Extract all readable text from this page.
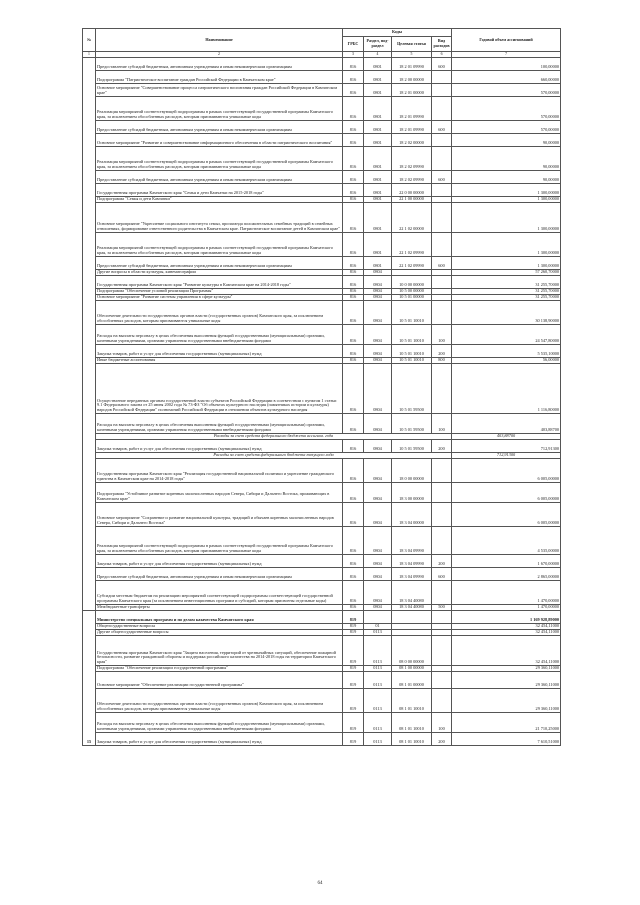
№	Наименование	Коды				Годовой объем ассигнований
		ГРБС	Раздел, под-раздел	Целевая статья	Вид расходов	
1	2	3	4	5	6	7
	Предоставление субсидий бюджетным, автономным учреждениям и иным некоммерческим организациям	816	0801	18 2 01 09990	600	100,00000
	Подпрограмма "Патриотическое воспитание граждан Российской Федерации в Камчатском крае"	816	0801	18 2 00 00000		660,00000
	Основное мероприятие "Совершенствование процесса патриотического воспитания граждан Российской Федерации в Камчатском крае"	816	0801	18 2 01 00000		570,00000
	Реализация мероприятий соответствующей подпрограммы в рамках соответствующей государственной программы Камчатского края, за исключением обособленных расходов, которым присваиваются уникальные коды	816	0801	18 2 01 09990		570,00000
	Предоставление субсидий бюджетным, автономным учреждениям и иным некоммерческим организациям	816	0801	18 2 01 09990	600	570,00000
	Основное мероприятие "Развитие и совершенствование информационного обеспечения в области патриотического воспитания"	816	0801	18 2 02 00000		90,00000
	Реализация мероприятий соответствующей подпрограммы в рамках соответствующей государственной программы Камчатского края, за исключением обособленных расходов, которым присваиваются уникальные коды	816	0801	18 2 02 09990		90,00000
	Предоставление субсидий бюджетным, автономным учреждениям и иным некоммерческим организациям	816	0801	18 2 02 09990	600	90,00000
	Государственная программа Камчатского края "Семья и дети Камчатки на 2015-2018 годы"	816	0801	22 0 00 00000		1 300,00000
	Подпрограмма "Семья и дети Камчатки"	816	0801	22 1 00 00000		1 300,00000
	Основное мероприятие "Укрепление социального института семьи, пропаганда положительных семейных традиций в семейных отношениях, формирование ответственного родительства в Камчатском крае. Патриотическое воспитание детей в Камчатском крае"	816	0801	22 1 02 00000		1 300,00000
	Реализация мероприятий соответствующей подпрограммы в рамках соответствующей государственной программы Камчатского края, за исключением обособленных расходов, которым присваиваются уникальные коды	816	0801	22 1 02 09990		1 300,00000
	Предоставление субсидий бюджетным, автономным учреждениям и иным некоммерческим организациям	816	0801	22 1 02 09990	600	1 300,00000
	Другие вопросы в области культуры, кинематографии	816	0804			57 260,70000
	Государственная программа Камчатского края "Развитие культуры в Камчатском крае на 2014-2018 годы"	816	0804	10 0 00 00000		31 255,70000
	Подпрограмма "Обеспечение условий реализации Программы"	816	0804	10 5 00 00000		31 255,70000
	Основное мероприятие "Развитие системы управления в сфере культуры"	816	0804	10 5 01 00000		31 255,70000
	Обеспечение деятельности государственных органов власти (государственных органов) Камчатского края, за исключением обособленных расходов, которым присваиваются уникальные коды	816	0804	10 5 01 10010		30 138,90000
	Расходы на выплаты персоналу в целях обеспечения выполнения функций государственными (муниципальными) органами, казенными учреждениями, органами управления государственными внебюджетными фондами	816	0804	10 5 01 10010	100	24 547,80000
	Закупка товаров, работ и услуг для обеспечения государственных (муниципальных) нужд	816	0804	10 5 01 10010	200	5 535,10000
	Иные бюджетные ассигнования	816	0804	10 5 01 10010	800	56,00000
	Осуществление переданных органам государственной власти субъектов Российской Федерации в соответствии с пунктом 1 статьи 9.1 Федерального закона от 25 июня 2002 года № 73-ФЗ "Об объектах культурного наследия (памятниках истории и культуры) народов Российской Федерации" полномочий Российской Федерации в отношении объектов культурного наследия	816	0804	10 5 01 59500		1 116,80000
	Расходы на выплаты персоналу в целях обеспечения выполнения функций государственными (муниципальными) органами, казенными учреждениями, органами управления государственными внебюджетными фондами	816	0804	10 5 01 59500	100	403,88700
	Расходы за счет средств федерального бюджета ассигнов. года					403,88700
	Закупка товаров, работ и услуг для обеспечения государственных (муниципальных) нужд	816	0804	10 5 01 59500	200	712,91300
	Расходы за счет средств федерального бюджета текущего года					712,91300
	Государственная программа Камчатского края "Реализация государственной национальной политики и укрепление гражданского единства в Камчатском крае на 2014-2018 годы"	816	0804	18 0 00 00000		6 005,00000
	Подпрограмма "Устойчивое развитие коренных малочисленных народов Севера, Сибири и Дальнего Востока, проживающих в Камчатском крае"	816	0804	18 3 00 00000		6 005,00000
	Основное мероприятие "Сохранение и развитие национальной культуры, традиций и обычаев коренных малочисленных народов Севера, Сибири и Дальнего Востока"	816	0804	18 3 04 00000		6 005,00000
	Реализация мероприятий соответствующей подпрограммы в рамках соответствующей государственной программы Камчатского края, за исключением обособленных расходов, которым присваиваются уникальные коды	816	0804	18 3 04 09990		4 535,00000
	Закупка товаров, работ и услуг для обеспечения государственных (муниципальных) нужд	816	0804	18 3 04 09990	200	1 670,00000
	Предоставление субсидий бюджетным, автономным учреждениям и иным некоммерческим организациям	816	0804	18 3 04 09990	600	2 865,00000
	Субсидии местным бюджетам на реализацию мероприятий соответствующей подпрограммы соответствующей государственной программы Камчатского края (за исключением инвестиционных программ и субсидий, которым присвоены отдельные коды)	816	0804	18 3 04 40080		1 470,00000
	Межбюджетные трансферты	816	0804	18 3 04 40080	500	1 470,00000
15	Министерство специальных программ и по делам казачества Камчатского края	819				1 169 928,89000
	Общегосударственные вопросы	819	01			32 454,11000
	Другие общегосударственные вопросы	819	0113			32 454,11000
	Государственная программа Камчатского края "Защита населения, территорий от чрезвычайных ситуаций, обеспечение пожарной безопасности, развитие гражданской обороны и поддержка российского казачества на 2014-2018 годы на территории Камчатского края"	819	0113	08 0 00 00000		32 454,11000
	Подпрограмма "Обеспечение реализации государственной программы"	819	0113	08 1 00 00000		29 360,11000
	Основное мероприятие "Обеспечение реализации государственной программы"	819	0113	08 1 01 00000		29 360,11000
	Обеспечение деятельности государственных органов власти (государственных органов) Камчатского края, за исключением обособленных расходов, которым присваиваются уникальные коды	819	0113	08 1 01 10010		29 360,11000
	Расходы на выплаты персоналу в целях обеспечения выполнения функций государственными (муниципальными) органами, казенными учреждениями, органами управления государственными внебюджетными фондами	819	0113	08 1 01 10010	100	21 710,25000
	Закупка товаров, работ и услуг для обеспечения государственных (муниципальных) нужд	819	0113	08 1 01 10010	200	7 610,51000
64
